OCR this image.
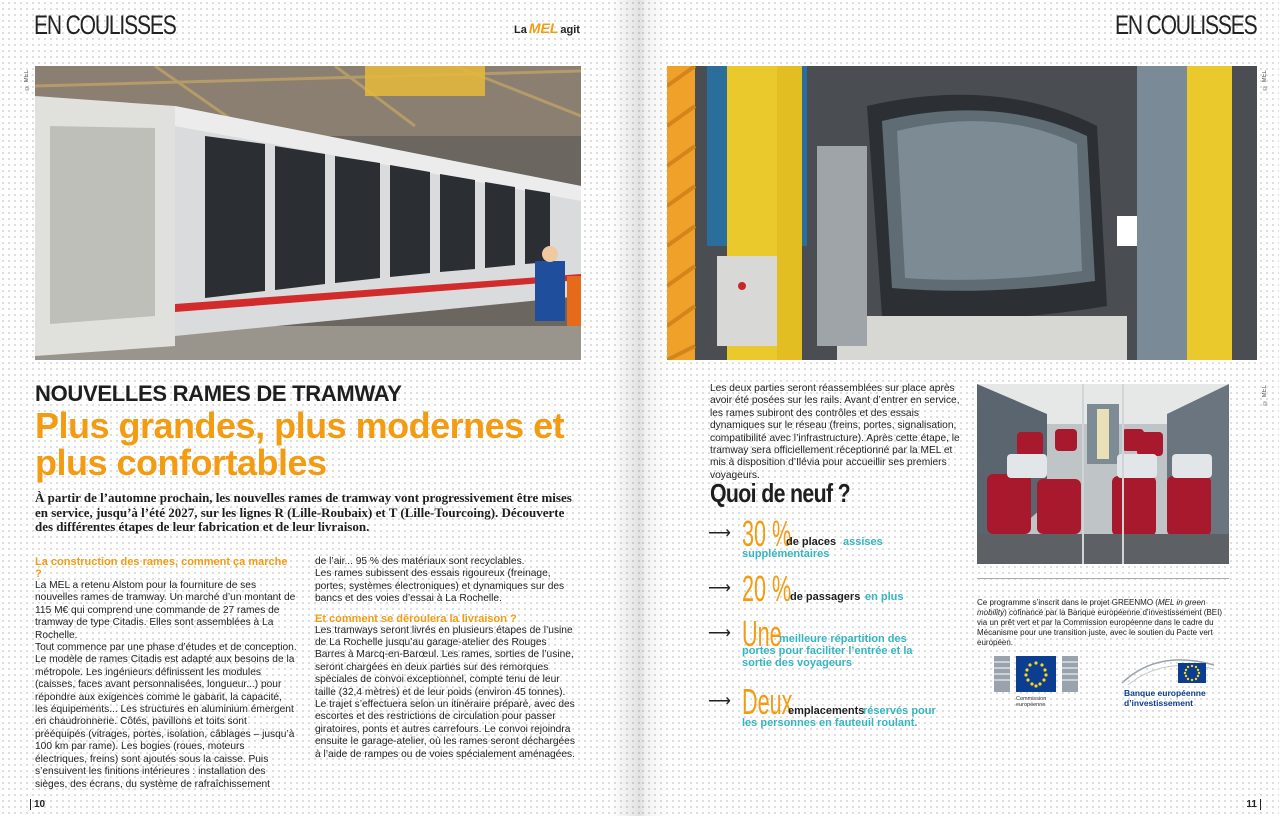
EN COULISSES	La MEL agit	EN COULISSES
© MEL	© MEL
© MEL
NOUVELLES RAMES DE TRAMWAY
Plus grandes, plus modernes et plus confortables
À partir de l’automne prochain, les nouvelles rames de tramway vont progressivement être mises en service, jusqu’à l’été 2027, sur les lignes R (Lille-Roubaix) et T (Lille-Tourcoing). Découverte des différentes étapes de leur fabrication et de leur livraison.

La construction des rames, comment ça marche ?

La MEL a retenu Alstom pour la fourniture de ses nouvelles rames de tramway. Un marché d’un montant de 115 M€ qui comprend une commande de 27 rames de tramway de type Citadis. Elles sont assemblées à La Rochelle.

Tout commence par une phase d’études et de conception. Le modèle de rames Citadis est adapté aux besoins de la métropole. Les ingénieurs définissent les modules (caisses, faces avant personnalisées, longueur...) pour répondre aux exigences comme le gabarit, la capacité, les équipements... Les structures en aluminium émergent en chaudronnerie. Côtés, pavillons et toits sont prééquipés (vitrages, portes, isolation, câblages – jusqu’à 100 km par rame). Les bogies (roues, moteurs électriques, freins) sont ajoutés sous la caisse. Puis s’ensuivent les finitions intérieures : installation des sièges, des écrans, du système de rafraîchissement

de l’air... 95 % des matériaux sont recyclables.

Les rames subissent des essais rigoureux (freinage, portes, systèmes électroniques) et dynamiques sur des bancs et des voies d’essai à La Rochelle.

Et comment se déroulera la livraison ?

Les tramways seront livrés en plusieurs étapes de l’usine de La Rochelle jusqu’au garage-atelier des Rouges Barres à Marcq-en-Barœul. Les rames, sorties de l’usine, seront chargées en deux parties sur des remorques spéciales de convoi exceptionnel, compte tenu de leur taille (32,4 mètres) et de leur poids (environ 45 tonnes).

Le trajet s’effectuera selon un itinéraire préparé, avec des escortes et des restrictions de circulation pour passer giratoires, ponts et autres carrefours. Le convoi rejoindra ensuite le garage-atelier, où les rames seront déchargées à l’aide de rampes ou de voies spécialement aménagées.

Les deux parties seront réassemblées sur place après avoir été posées sur les rails. Avant d’entrer en service, les rames subiront des contrôles et des essais dynamiques sur le réseau (freins, portes, signalisation, compatibilité avec l’infrastructure). Après cette étape, le tramway sera officiellement réceptionné par la MEL et mis à disposition d’Ilévia pour accueillir ses premiers voyageurs.

Quoi de neuf ?
⟶ 30 %
de places assises supplémentaires
⟶ 20 %
de passagers en plus
⟶ Une
meilleure répartition des portes pour faciliter l’entrée et la sortie des voyageurs
⟶ Deux
emplacements
réservés pour les personnes en fauteuil roulant.
Ce programme s’inscrit dans le projet GREENMO (MEL in green mobility) cofinancé par la Banque européenne d’investissement (BEI) via un prêt vert et par la Commission européenne dans le cadre du Mécanisme pour une transition juste, avec le soutien du Pacte vert européen.
Commission
européenne
Banque européenne
d’investissement
10	11
